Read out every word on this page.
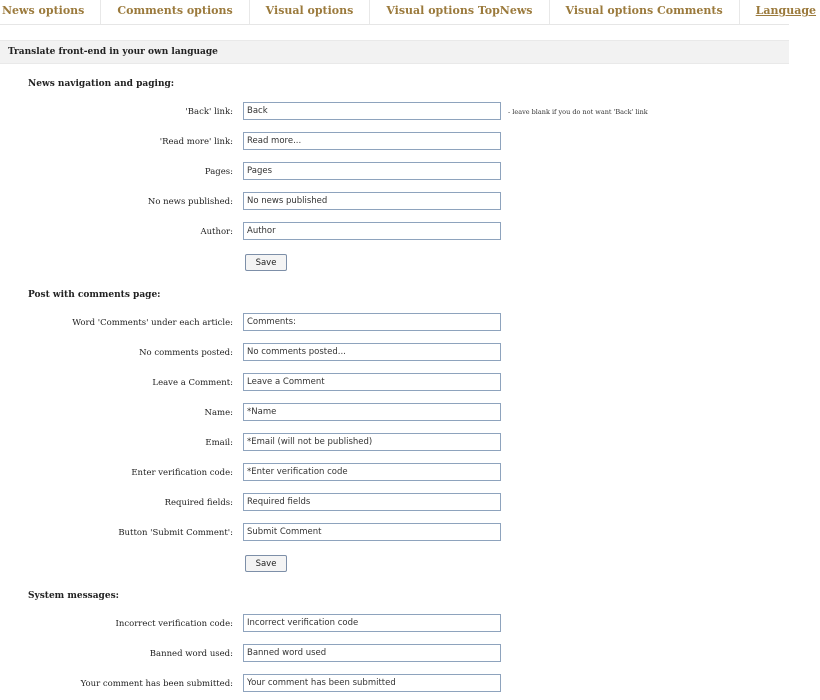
News options	Comments options	Visual options	Visual options TopNews	Visual options Comments	Language
Translate front-end in your own language
News navigation and paging:
'Back' link:
Back	- leave blank if you do not want 'Back' link
'Read more' link:
Read more...
Pages:
Pages
No news published:
No news published
Author:
Author
Save
Post with comments page:
Word 'Comments' under each article:
Comments:
No comments posted:
No comments posted...
Leave a Comment:
Leave a Comment
Name:
*Name
Email:
*Email (will not be published)
Enter verification code:
*Enter verification code
Required fields:
Required fields
Button 'Submit Comment':
Submit Comment
Save
System messages:
Incorrect verification code:
Incorrect verification code
Banned word used:
Banned word used
Your comment has been submitted:
Your comment has been submitted
